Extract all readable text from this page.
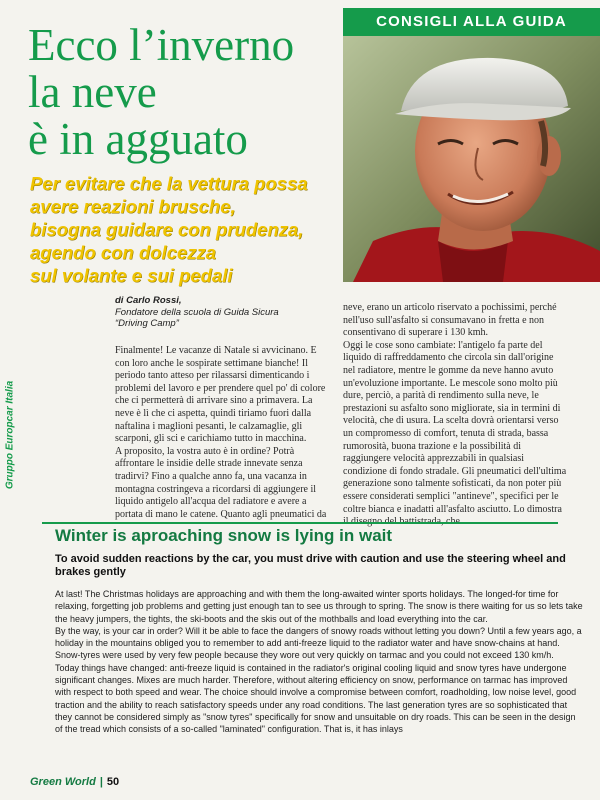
CONSIGLI ALLA GUIDA
Ecco l’inverno
la neve
è in agguato
Per evitare che la vettura possa
avere reazioni brusche,
bisogna guidare con prudenza,
agendo con dolcezza
sul volante e sui pedali
di Carlo Rossi,
Fondatore della scuola di Guida Sicura
“Driving Camp”
Gruppo Europcar Italia

Finalmente! Le vacanze di Natale si avvicinano. E con loro anche le sospirate settimane bianche! Il periodo tanto atteso per rilassarsi dimenticando i problemi del lavoro e per prendere quel po' di colore che ci permetterà di arrivare sino a primavera. La neve è lì che ci aspetta, quindi tiriamo fuori dalla naftalina i maglioni pesanti, le calzamaglie, gli scarponi, gli sci e carichiamo tutto in macchina.

A proposito, la vostra auto è in ordine? Potrà affrontare le insidie delle strade innevate senza tradirvi? Fino a qualche anno fa, una vacanza in montagna costringeva a ricordarsi di aggiungere il liquido antigelo all'acqua del radiatore e avere a portata di mano le catene. Quanto agli pneumatici da

neve, erano un articolo riservato a pochissimi, perché nell'uso sull'asfalto si consumavano in fretta e non consentivano di superare i 130 kmh.

Oggi le cose sono cambiate: l'antigelo fa parte del liquido di raffreddamento che circola sin dall'origine nel radiatore, mentre le gomme da neve hanno avuto un'evoluzione importante. Le mescole sono molto più dure, perciò, a parità di rendimento sulla neve, le prestazioni su asfalto sono migliorate, sia in termini di velocità, che di usura. La scelta dovrà orientarsi verso un compromesso di comfort, tenuta di strada, bassa rumorosità, buona trazione e la possibilità di raggiungere velocità apprezzabili in qualsiasi condizione di fondo stradale. Gli pneumatici dell'ultima generazione sono talmente sofisticati, da non poter più essere considerati semplici "antineve", specifici per le coltre bianca e inadatti all'asfalto asciutto. Lo dimostra

Winter is aproaching snow is lying in wait
To avoid sudden reactions by the car, you must drive with caution and use the steering wheel and brakes gently

At last! The Christmas holidays are approaching and with them the long-awaited winter sports holidays. The longed-for time for relaxing, forgetting job problems and getting just enough tan to see us through to spring. The snow is there waiting for us so lets take the heavy jumpers, the tights, the ski-boots and the skis out of the mothballs and load everything into the car.

By the way, is your car in order? Will it be able to face the dangers of snowy roads without letting you down? Until a few years ago, a holiday in the mountains obliged you to remember to add anti-freeze liquid to the radiator water and have snow-chains at hand. Snow-tyres were used by very few people because they wore out very quickly on tarmac and you could not exceed 130 km/h.

Today things have changed: anti-freeze liquid is contained in the radiator's original cooling liquid and snow tyres have undergone significant changes. Mixes are much harder. Therefore, without altering efficiency on snow, performance on tarmac has improved with respect to both speed and wear. The choice should involve a compromise between comfort, roadholding, low noise level, good traction and the ability to reach satisfactory speeds under any road conditions. The last generation tyres are so sophisticated that they cannot be considered simply as "snow tyres" specifically for snow and unsuitable on dry roads. This can be seen in the design of the tread which consists of a so-called "laminated" configuration. That is, it has inlays

Green World | 50
